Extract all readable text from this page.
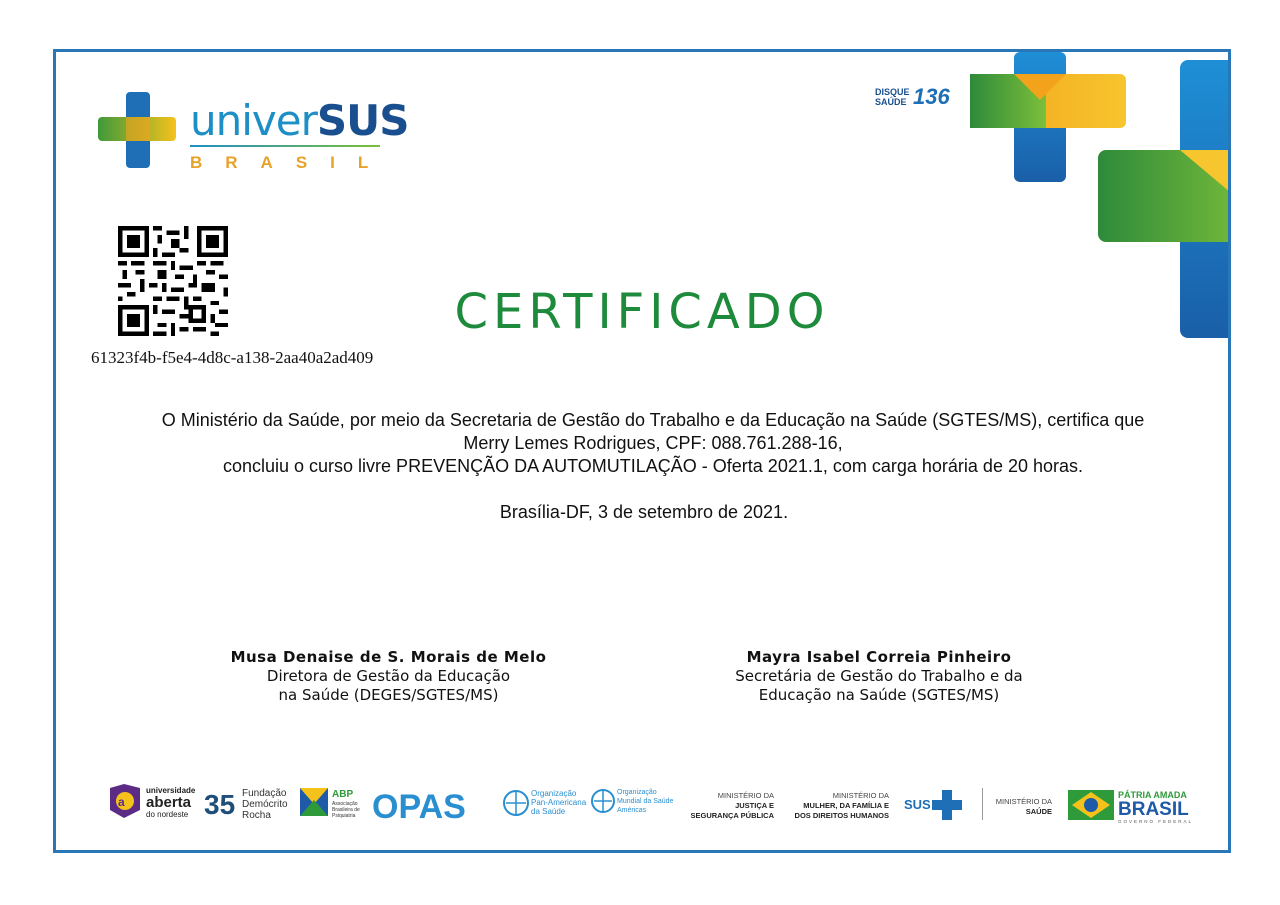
univerSUS
BRASIL
DISQUE
SAÚDE 136
61323f4b-f5e4-4d8c-a138-2aa40a2ad409
CERTIFICADO
O Ministério da Saúde, por meio da Secretaria de Gestão do Trabalho e da Educação na Saúde (SGTES/MS), certifica que
Merry Lemes Rodrigues, CPF: 088.761.288-16,
concluiu o curso livre PREVENÇÃO DA AUTOMUTILAÇÃO - Oferta 2021.1, com carga horária de 20 horas.
Brasília-DF, 3 de setembro de 2021.
Musa Denaise de S. Morais de Melo
Diretora de Gestão da Educação
na Saúde (DEGES/SGTES/MS)
Mayra Isabel Correia Pinheiro
Secretária de Gestão do Trabalho e da
Educação na Saúde (SGTES/MS)
a
universidade
aberta
do nordeste 35 Fundação
Demócrito
Rocha
ABP
Associação
Brasileira de
Psiquiatria OPAS	Organização
Pan-Americana
da Saúde
Organização
Mundial da Saúde
Américas
MINISTÉRIO DA
JUSTIÇA E
SEGURANÇA PÚBLICA
MINISTÉRIO DA
MULHER, DA FAMÍLIA E
DOS DIREITOS HUMANOS
SUS	MINISTÉRIO DA
SAÚDE
PÁTRIA AMADA
BRASIL
GOVERNO FEDERAL
